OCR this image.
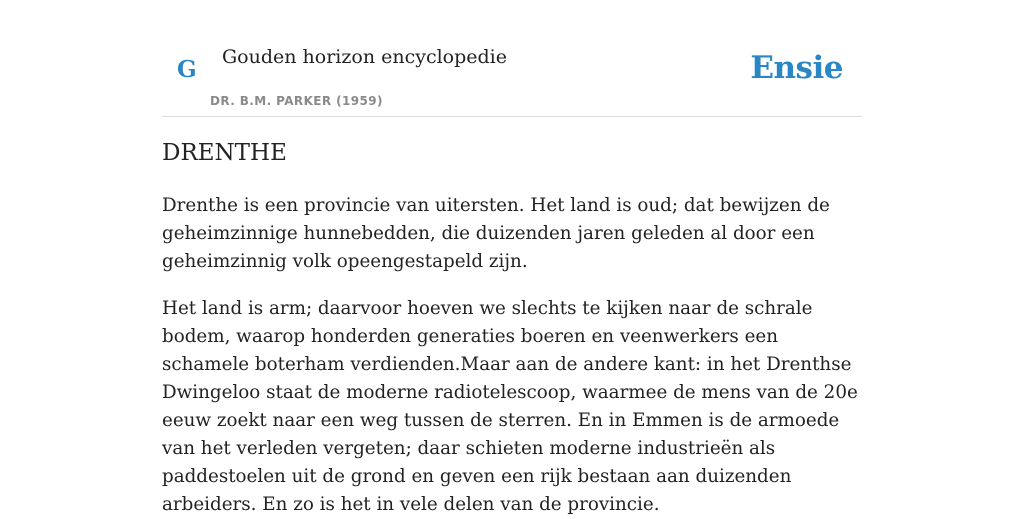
G Gouden horizon encyclopedie
DR. B.M. PARKER (1959)
Ensie
DRENTHE

Drenthe is een provincie van uitersten. Het land is oud; dat bewijzen de geheimzinnige hunnebedden, die duizenden jaren geleden al door een geheimzinnig volk opeengestapeld zijn.

Het land is arm; daarvoor hoeven we slechts te kijken naar de schrale bodem, waarop honderden generaties boeren en veenwerkers een schamele boterham verdienden.Maar aan de andere kant: in het Drenthse Dwingeloo staat de moderne radiotelescoop, waarmee de mens van de 20e eeuw zoekt naar een weg tussen de sterren. En in Emmen is de armoede van het verleden vergeten; daar schieten moderne industrieën als paddestoelen uit de grond en geven een rijk bestaan aan duizenden arbeiders. En zo is het in vele delen van de provincie.
